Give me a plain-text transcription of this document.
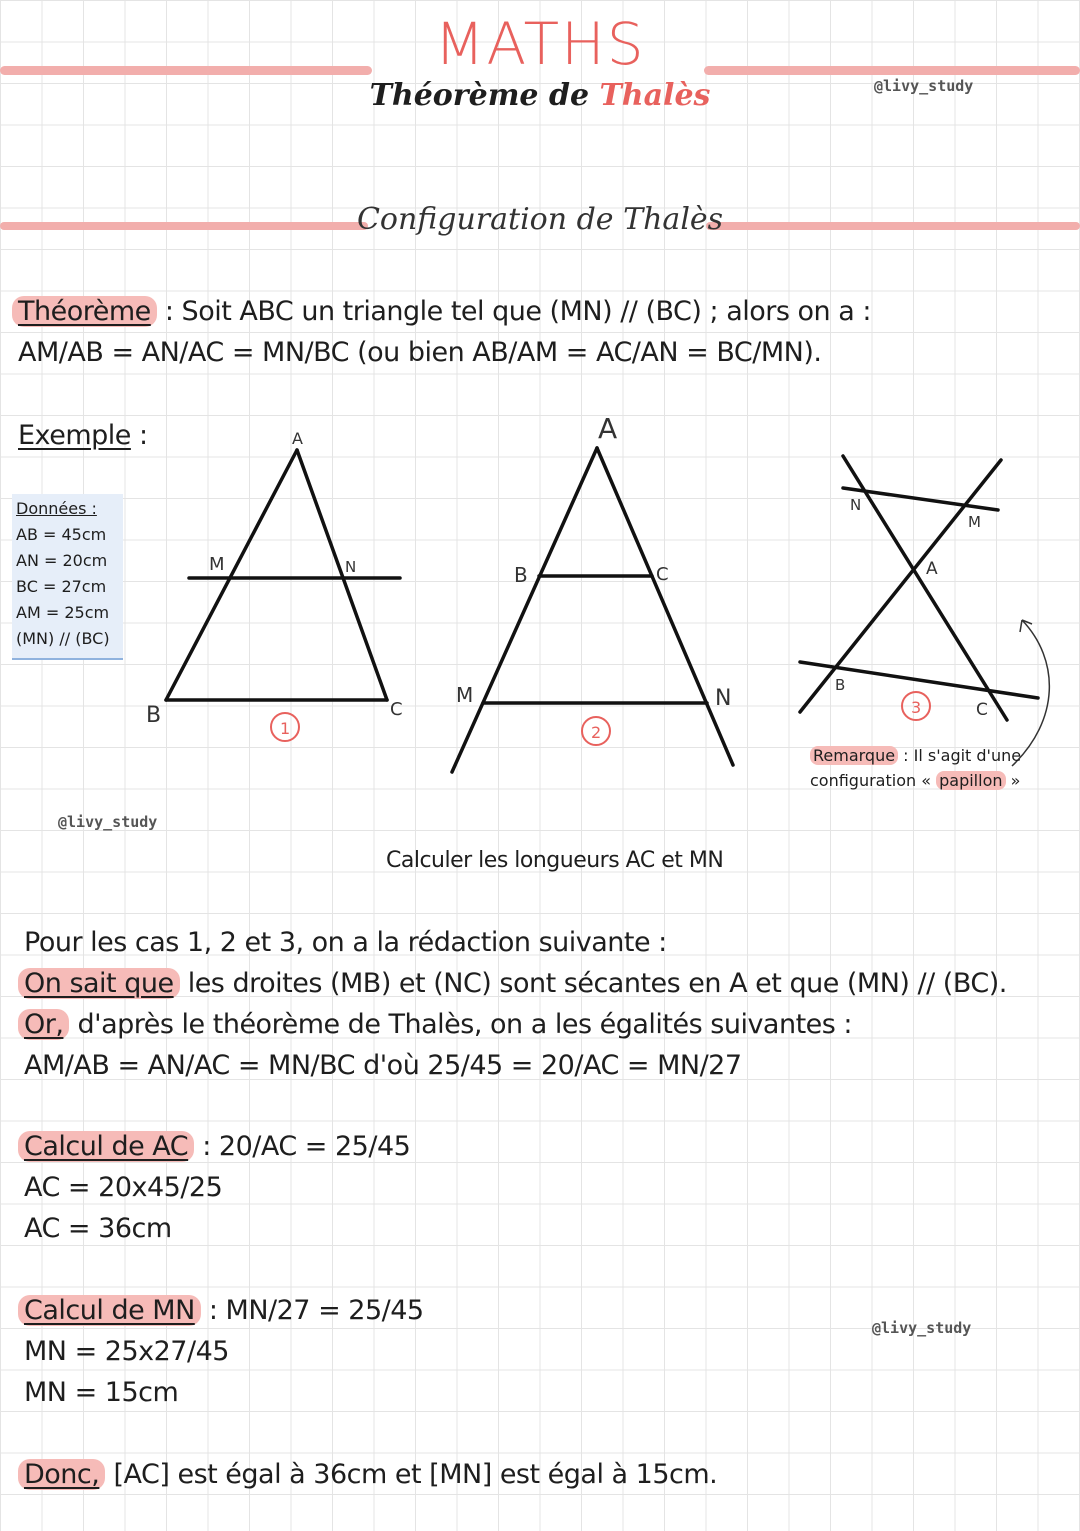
MATHS
Théorème de Thalès	@livy_study
Configuration de Thalès
Théorème : Soit ABC un triangle tel que (MN) // (BC) ; alors on a :
AM/AB = AN/AC = MN/BC (ou bien AB/AM = AC/AN = BC/MN).
Exemple :
Données :
AB = 45cm
AN = 20cm
BC = 27cm
AM = 25cm
(MN) // (BC)
@livy_study
A
M	N
B	C
1
A
B	C
M	N
2
N
M
A
B
C
3
Remarque : Il s'agit d'une
configuration « papillon »
Calculer les longueurs AC et MN
Pour les cas 1, 2 et 3, on a la rédaction suivante :
On sait que les droites (MB) et (NC) sont sécantes en A et que (MN) // (BC).
Or, d'après le théorème de Thalès, on a les égalités suivantes :
AM/AB = AN/AC = MN/BC d'où 25/45 = 20/AC = MN/27
Calcul de AC : 20/AC = 25/45
AC = 20x45/25
AC = 36cm
Calcul de MN : MN/27 = 25/45
MN = 25x27/45
MN = 15cm
@livy_study
Donc, [AC] est égal à 36cm et [MN] est égal à 15cm.
